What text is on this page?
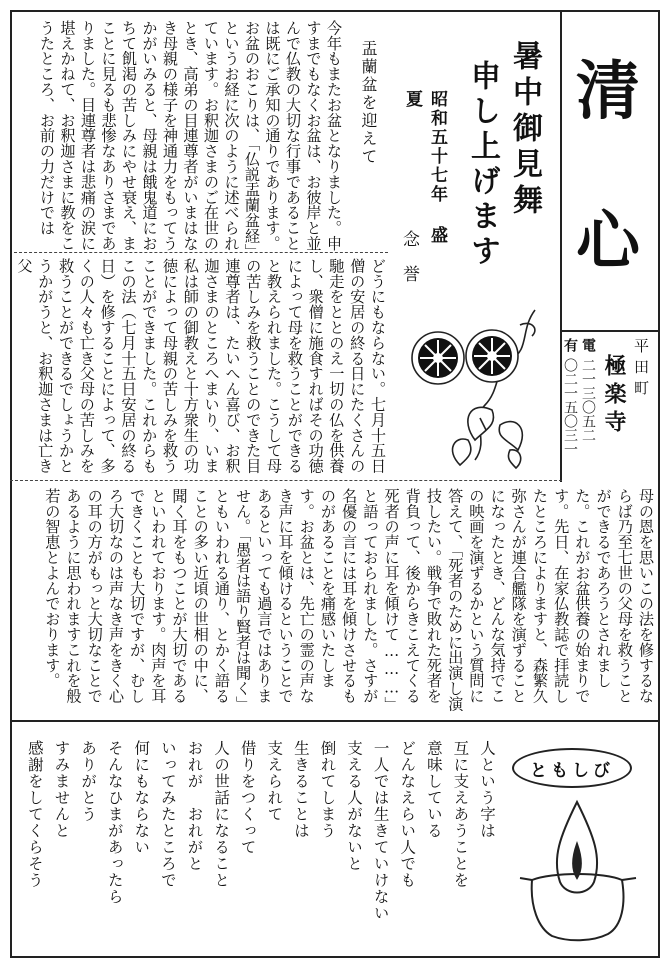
清
心
平田町
極楽寺
電
二一三〇五二
有
〇二一五〇三一
暑中御見舞
申し上げます
昭和五十七年 盛夏
念誉
盂蘭盆を迎えて
今年もまたお盆となりました。申すまでもなくお盆は、お彼岸と並んで仏教の大切な行事であることは既にご承知の通りであります。お盆のおこりは、「仏説盂蘭盆経」というお経に次のように述べられています。お釈迦さまのご在世のとき、高弟の目連尊者がいまはなき母親の様子を神通力をもってうかがいみると、母親は餓鬼道におちて飢渇の苦しみにやせ衰え、まことに見るも悲惨なありさまでありました。目連尊者は悲痛の涙に堪えかねて、お釈迦さまに教をこうたところ、お前の力だけでは
どうにもならない。七月十五日僧の安居の終る日にたくさんの馳走をととのえ一切の仏を供養し、衆僧に施食すればその功徳によって母を救うことができると教えられました。こうして母の苦しみを救うことのできた目連尊者は、たいへん喜び、お釈迦さまのところへまいり、いま私は師の御教えと十方衆生の功徳によって母親の苦しみを救うことができました。これからもこの法（七月十五日安居の終る日）を修することによって、多くの人々も亡き父母の苦しみを救うことができるでしょうかとうかがうと、お釈迦さまは亡き父
母の恩を思いこの法を修するならば乃至七世の父母を救うことができるであろうとされました。これがお盆供養の始まりです。先日、在家仏教誌で拝読したところによりますと、森繁久弥さんが連合艦隊を演ずることになったとき、どんな気持でこの映画を演ずるかという質問に答えて、「死者のために出演し演技したい。戦争で敗れた死者を背負って、後からきこえてくる死者の声に耳を傾けて………」と語っておられました。さすが名優の言には耳を傾けさせるものがあることを痛感いたします。お盆とは、先亡の霊の声なき声に耳を傾けるということであるといっても過言ではありません。「愚者は語り賢者は聞く」ともいわれる通り、とかく語ることの多い近頃の世相の中に、聞く耳をもつことが大切であるといわれております。肉声を耳できくことも大切ですが、むしろ大切なのは声なき声をきく心の耳の方がもっと大切なことであるように思われますこれを般若の智恵とよんでおります。
ともしび
人という字は
互に支えあうことを
意味している
どんなえらい人でも
一人では生きていけない
支える人がないと
倒れてしまう
生きることは
支えられて
借りをつくって
人の世話になること
おれが　おれがと
いってみたところで
何にもならない
そんなひまがあったら
ありがとう
すみませんと
感謝をしてくらそう
